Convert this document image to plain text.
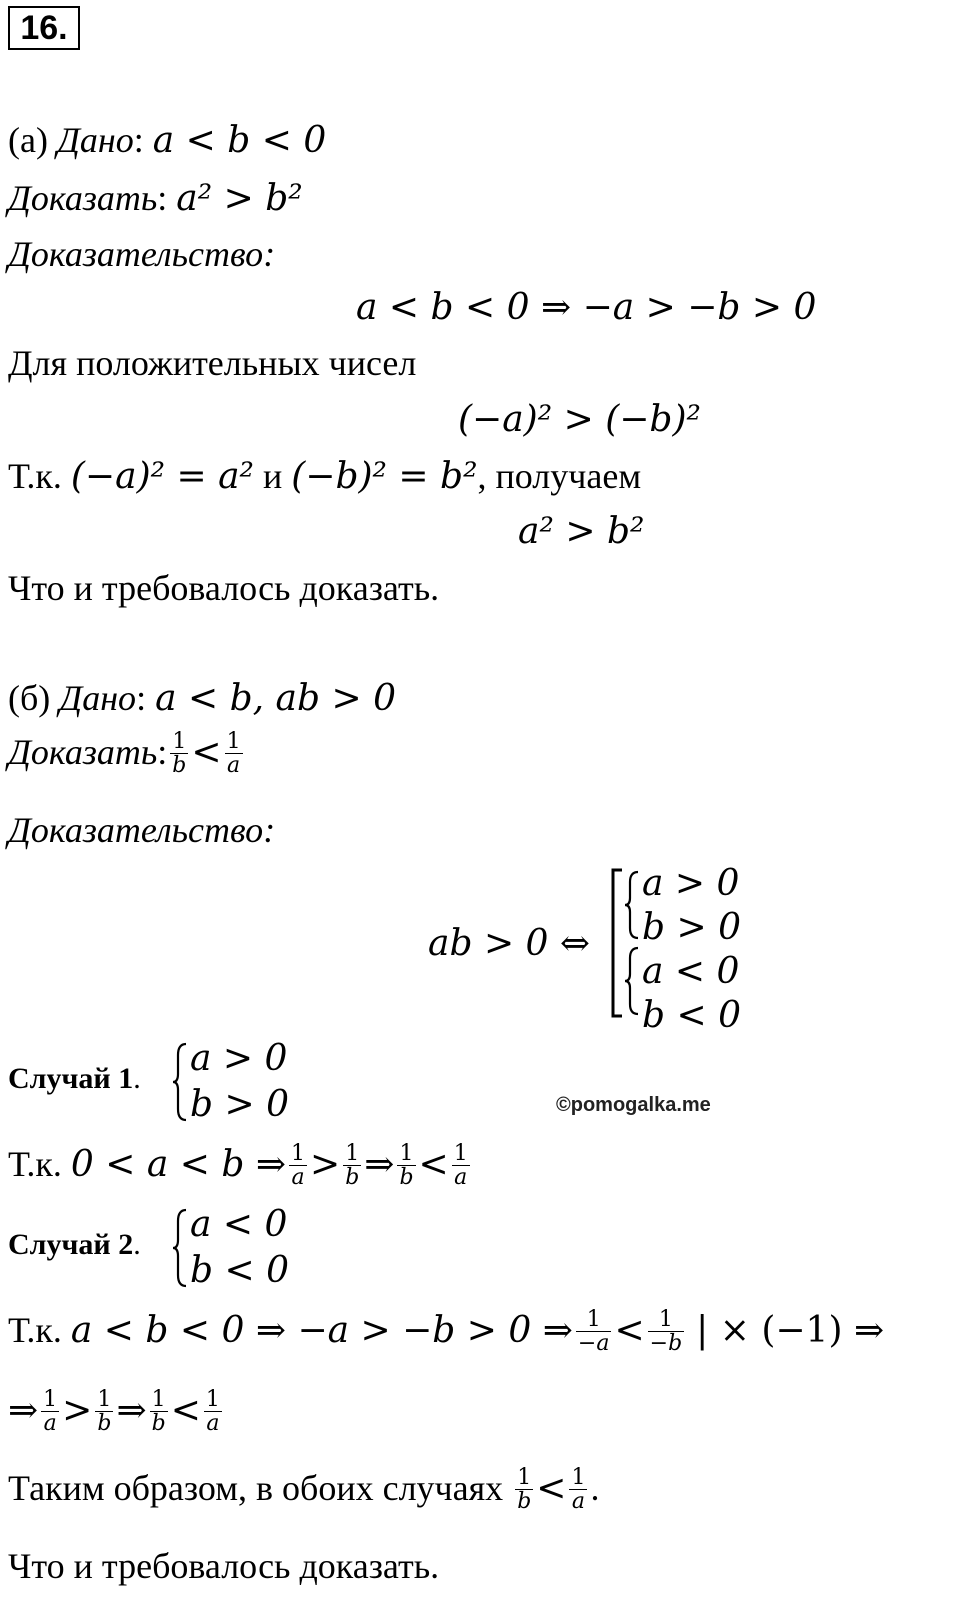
16.
(а) Дано: a < b < 0
Доказать: a² > b²
Доказательство:
a < b < 0 ⇒ −a > −b > 0
Для положительных чисел
(−a)² > (−b)²
Т.к. (−a)² = a² и (−b)² = b², получаем
a² > b²
Что и требовалось доказать.
(б) Дано: a < b, ab > 0
Доказать: $\frac{1}{b} < \frac{1}{a}$
Доказательство:
ab > 0 ⇔
a > 0
b > 0
a < 0
b < 0
Случай 1. a > 0
b > 0	©pomogalka.me
Т.к. 0 < a < b ⇒ $\frac{1}{a} > \frac{1}{b}$ ⇒ $\frac{1}{b} < \frac{1}{a}$
Случай 2. a < 0
b < 0
Т.к. a < b < 0 ⇒ −a > −b > 0 ⇒ $\frac{1}{-a} < \frac{1}{-b}$ | × (−1) ⇒
⇒ $\frac{1}{a} > \frac{1}{b}$ ⇒ $\frac{1}{b} < \frac{1}{a}$
Таким образом, в обоих случаях $\frac{1}{b} < \frac{1}{a}$ .
Что и требовалось доказать.
